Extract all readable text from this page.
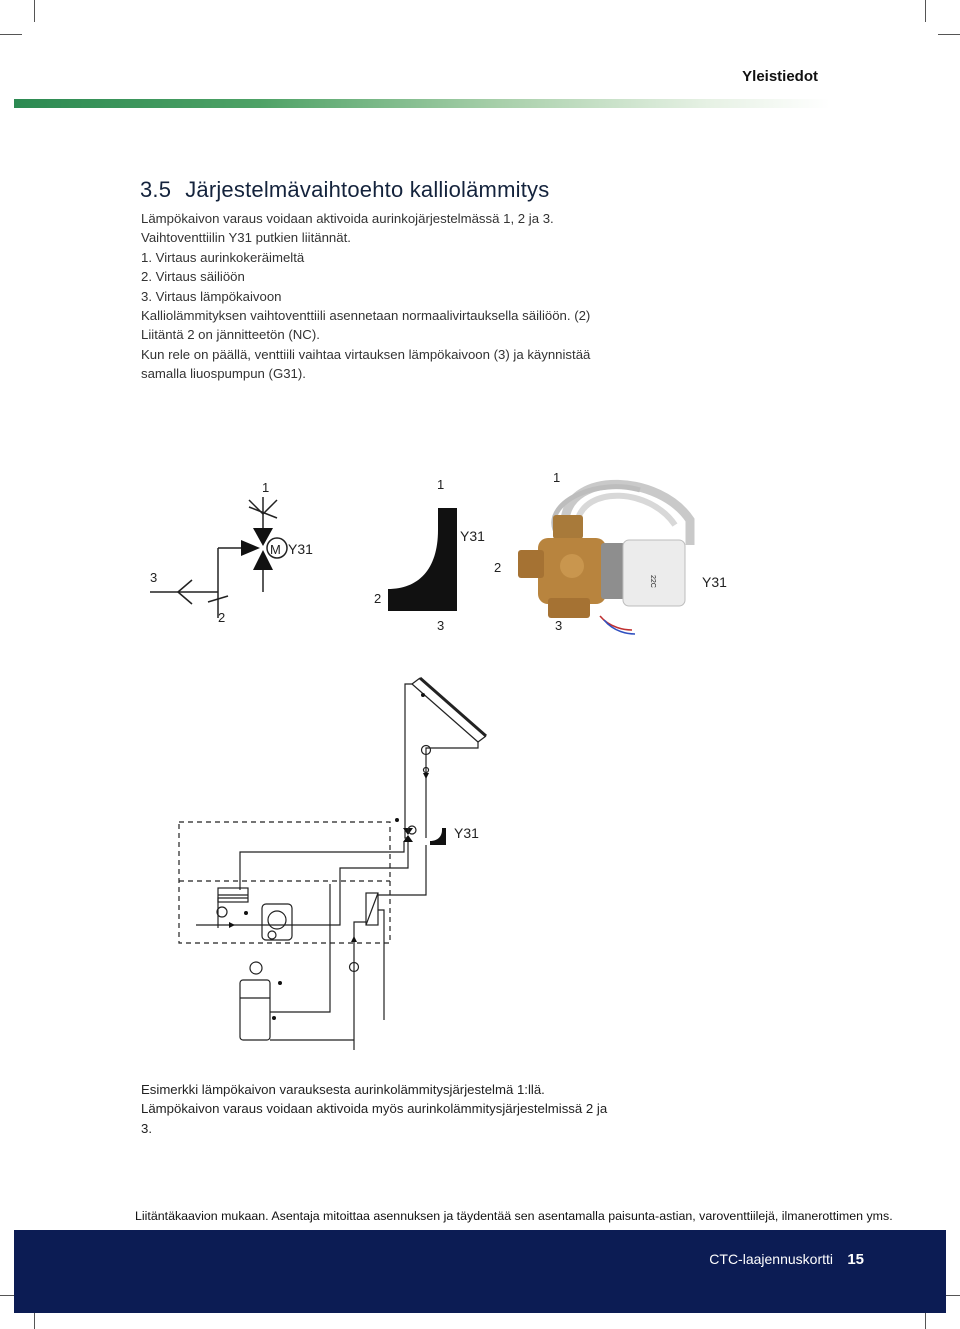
Yleistiedot
3.5 Järjestelmävaihtoehto kalliolämmitys

Lämpökaivon varaus voidaan aktivoida aurinkojärjestelmässä 1, 2 ja 3.

Vaihtoventtiilin Y31 putkien liitännät.

1. Virtaus aurinkokeräimeltä

2. Virtaus säiliöön

3. Virtaus lämpökaivoon

Kalliolämmityksen vaihtoventtiili asennetaan normaalivirtauksella säiliöön. (2) Liitäntä 2 on jännitteetön (NC).

Kun rele on päällä, venttiili vaihtaa virtauksen lämpökaivoon (3) ja käynnistää samalla liuospumpun (G31).

1
M Y31
3
2
1
Y31
2
3
1
22C
2
Y31
3
Y31

Esimerkki lämpökaivon varauksesta aurinkolämmitysjärjestelmä 1:llä.

Lämpökaivon varaus voidaan aktivoida myös aurinkolämmitysjärjestelmissä 2 ja 3.

Liitäntäkaavion mukaan. Asentaja mitoittaa asennuksen ja täydentää sen asentamalla paisunta-astian, varoventtiilejä, ilmanerottimen yms.
CTC-laajennuskortti 15
